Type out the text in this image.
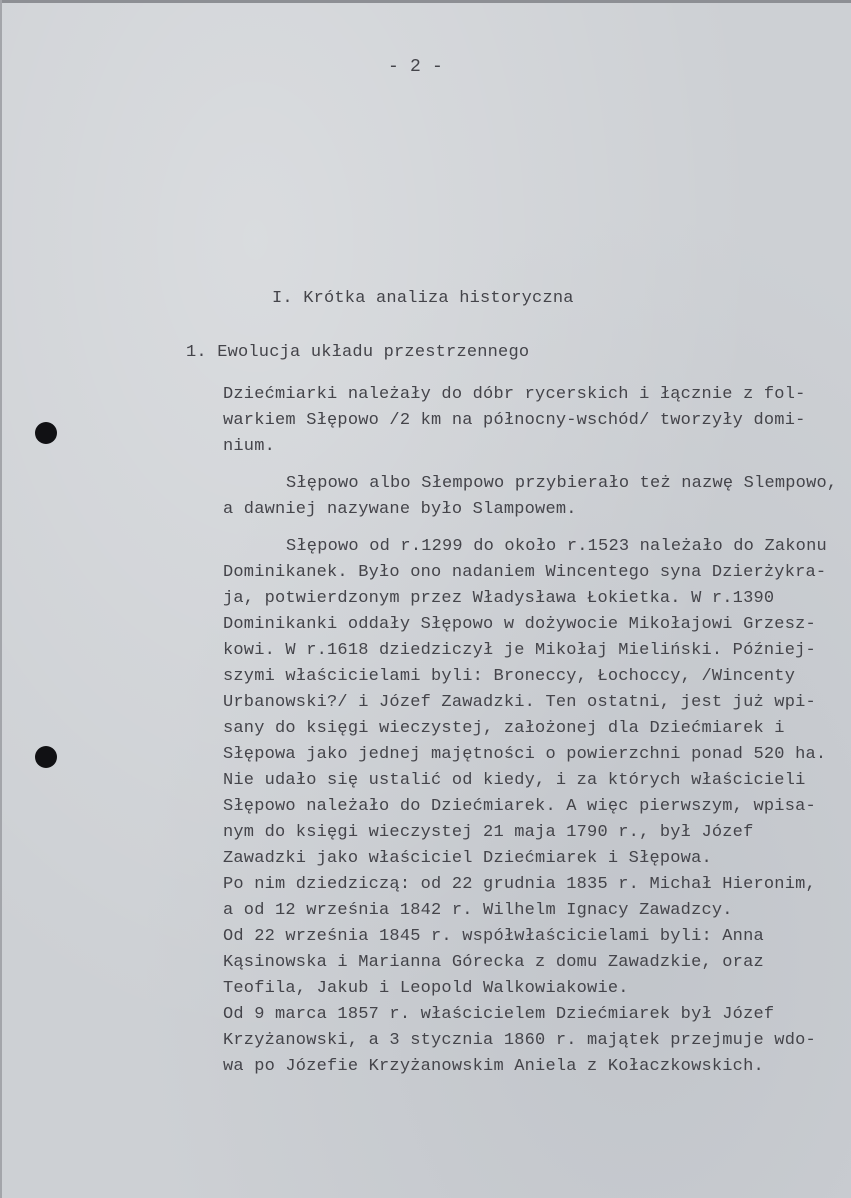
- 2 -
I. Krótka analiza historyczna
1. Ewolucja układu przestrzennego
Dziećmiarki należały do dóbr rycerskich i łącznie z fol-
warkiem Słępowo /2 km na północny-wschód/ tworzyły domi-
nium.
Słępowo albo Słempowo przybierało też nazwę Slempowo,
a dawniej nazywane było Slampowem.
Słępowo od r.1299 do około r.1523 należało do Zakonu
Dominikanek. Było ono nadaniem Wincentego syna Dzierżykra-
ja, potwierdzonym przez Władysława Łokietka. W r.1390
Dominikanki oddały Słępowo w dożywocie Mikołajowi Grzesz-
kowi. W r.1618 dziedziczył je Mikołaj Mieliński. Później-
szymi właścicielami byli: Broneccy, Łochoccy, /Wincenty
Urbanowski?/ i Józef Zawadzki. Ten ostatni, jest już wpi-
sany do księgi wieczystej, założonej dla Dziećmiarek i
Słępowa jako jednej majętności o powierzchni ponad 520 ha.
Nie udało się ustalić od kiedy, i za których właścicieli
Słępowo należało do Dziećmiarek. A więc pierwszym, wpisa-
nym do księgi wieczystej 21 maja 1790 r., był Józef
Zawadzki jako właściciel Dziećmiarek i Słępowa.
Po nim dziedziczą: od 22 grudnia 1835 r. Michał Hieronim,
a od 12 września 1842 r. Wilhelm Ignacy Zawadzcy.
Od 22 września 1845 r. współwłaścicielami byli: Anna
Kąsinowska i Marianna Górecka z domu Zawadzkie, oraz
Teofila, Jakub i Leopold Walkowiakowie.
Od 9 marca 1857 r. właścicielem Dziećmiarek był Józef
Krzyżanowski, a 3 stycznia 1860 r. majątek przejmuje wdo-
wa po Józefie Krzyżanowskim Aniela z Kołaczkowskich.
